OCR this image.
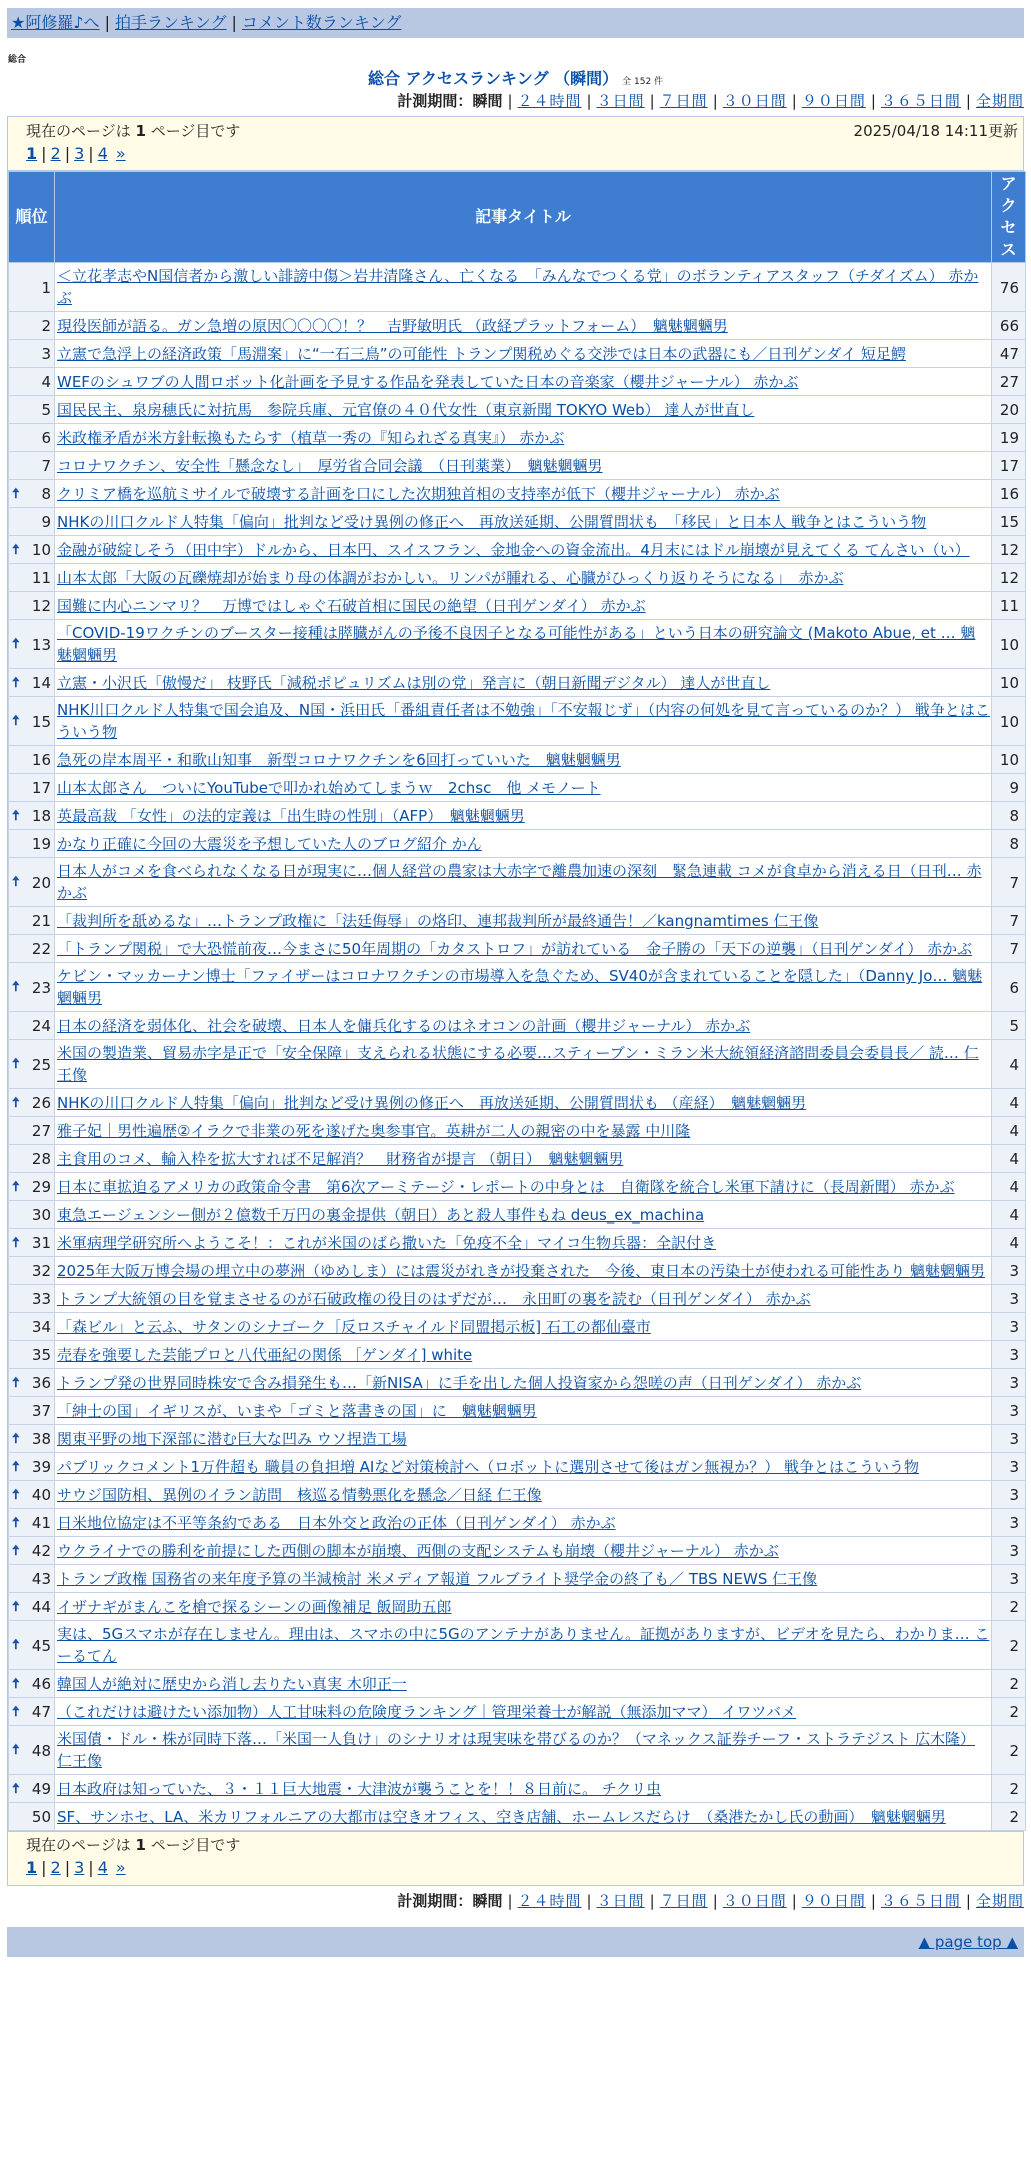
★阿修羅♪へ | 拍手ランキング | コメント数ランキング
総合
総合 アクセスランキング （瞬間） 全 152 件
計測期間：瞬間 | ２４時間 | ３日間 | ７日間 | ３０日間 | ９０日間 | ３６５日間 | 全期間
現在のページは 1 ページ目です	2025/04/18 14:11更新
1 | 2 | 3 | 4 »
順位	記事タイトル	アクセス
1	＜立花孝志やN国信者から激しい誹謗中傷＞岩井清隆さん、亡くなる　「みんなでつくる党」のボランティアスタッフ（チダイズム） 赤かぶ	76
2	現役医師が語る。ガン急増の原因〇〇〇〇！？　吉野敏明氏 （政経プラットフォーム）　魑魅魍魎男	66
3	立憲で急浮上の経済政策「馬淵案」に“一石三鳥”の可能性 トランプ関税めぐる交渉では日本の武器にも／日刊ゲンダイ 短足鰐	47
4	WEFのシュワブの人間ロボット化計画を予見する作品を発表していた日本の音楽家（櫻井ジャーナル） 赤かぶ	27
5	国民民主、泉房穂氏に対抗馬　参院兵庫、元官僚の４０代女性（東京新聞 TOKYO Web） 達人が世直し	20
6	米政権矛盾が米方針転換もたらす（植草一秀の『知られざる真実』） 赤かぶ	19
7	コロナワクチン、安全性「懸念なし」　厚労省合同会議　（日刊薬業）　魑魅魍魎男	17

🠅 8	クリミア橋を巡航ミサイルで破壊する計画を口にした次期独首相の支持率が低下（櫻井ジャーナル） 赤かぶ	16
9	NHKの川口クルド人特集「偏向」批判など受け異例の修正へ　再放送延期、公開質問状も　「移民」と日本人 戦争とはこういう物	15

🠅 10	金融が破綻しそう（田中宇）ドルから、日本円、スイスフラン、金地金への資金流出。4月末にはドル崩壊が見えてくる てんさい（い）	12
11	山本太郎「大阪の瓦礫焼却が始まり母の体調がおかしい。リンパが腫れる、心臓がひっくり返りそうになる」　赤かぶ	12
12	国難に内心ニンマリ？　万博ではしゃぐ石破首相に国民の絶望（日刊ゲンダイ） 赤かぶ	11

🠅 13	「COVID-19ワクチンのブースター接種は膵臓がんの予後不良因子となる可能性がある」という日本の研究論文 (Makoto Abue, et … 魑魅魍魎男	10

🠅 14	立憲・小沢氏「傲慢だ」 枝野氏「減税ポピュリズムは別の党」発言に（朝日新聞デジタル） 達人が世直し	10

🠅 15	NHK川口クルド人特集で国会追及、N国・浜田氏「番組責任者は不勉強」「不安報じず」（内容の何処を見て言っているのか？） 戦争とはこういう物	10
16	急死の岸本周平・和歌山知事　新型コロナワクチンを6回打っていいた　魑魅魍魎男	10
17	山本太郎さん　ついにYouTubeで叩かれ始めてしまうｗ　2chsc　他 メモノート	9

🠅 18	英最高裁 「女性」の法的定義は「出生時の性別」（AFP）　魑魅魍魎男	8
19	かなり正確に今回の大震災を予想していた人のブログ紹介 かん	8

🠅 20	日本人がコメを食べられなくなる日が現実に…個人経営の農家は大赤字で離農加速の深刻　緊急連載 コメが食卓から消える日（日刊… 赤かぶ	7
21	「裁判所を舐めるな」…トランプ政権に「法廷侮辱」の烙印、連邦裁判所が最終通告！／kangnamtimes 仁王像	7
22	「トランプ関税」で大恐慌前夜…今まさに50年周期の「カタストロフ」が訪れている　金子勝の「天下の逆襲」（日刊ゲンダイ） 赤かぶ	7

🠅 23	ケビン・マッカーナン博士「ファイザーはコロナワクチンの市場導入を急ぐため、SV40が含まれていることを隠した」（Danny Jo… 魑魅魍魎男	6
24	日本の経済を弱体化、社会を破壊、日本人を傭兵化するのはネオコンの計画（櫻井ジャーナル） 赤かぶ	5

🠅 25	米国の製造業、貿易赤字是正で「安全保障」支えられる状態にする必要…スティーブン・ミラン米大統領経済諮問委員会委員長／ 読… 仁王像	4

🠅 26	NHKの川口クルド人特集「偏向」批判など受け異例の修正へ　再放送延期、公開質問状も （産経）　魑魅魍魎男	4
27	雅子妃｜男性遍歴②イラクで非業の死を遂げた奥参事官。英耕が二人の親密の中を暴露 中川隆	4
28	主食用のコメ、輸入枠を拡大すれば不足解消？　財務省が提言 （朝日）　魑魅魍魎男	4

🠅 29	日本に車拡迫るアメリカの政策命令書　第6次アーミテージ・レポートの中身とは　自衛隊を統合し米軍下請けに（長周新聞） 赤かぶ	4
30	東急エージェンシー側が２億数千万円の裏金提供（朝日）あと殺人事件もね deus_ex_machina	4

🠅 31	米軍病理学研究所へようこそ！：これが米国のばら撒いた「免疫不全」マイコ生物兵器：全訳付き	4
32	2025年大阪万博会場の埋立中の夢洲（ゆめしま）には震災がれきが投棄された　今後、東日本の汚染土が使われる可能性あり 魑魅魍魎男	3
33	トランプ大統領の目を覚まさせるのが石破政権の役目のはずだが…　永田町の裏を読む（日刊ゲンダイ） 赤かぶ	3
34	「森ビル」と云ふ、サタンのシナゴーク［反ロスチャイルド同盟掲示板] 石工の都仙臺市	3
35	売春を強要した芸能プロと八代亜紀の関係 ［ゲンダイ] white	3

🠅 36	トランプ発の世界同時株安で含み損発生も…「新NISA」に手を出した個人投資家から怨嗟の声（日刊ゲンダイ） 赤かぶ	3
37	「紳士の国」イギリスが、いまや「ゴミと落書きの国」に　魑魅魍魎男	3

🠅 38	関東平野の地下深部に潜む巨大な凹み ウソ捏造工場	3

🠅 39	パブリックコメント1万件超も 職員の負担増 AIなど対策検討へ（ロボットに選別させて後はガン無視か？） 戦争とはこういう物	3

🠅 40	サウジ国防相、異例のイラン訪問　核巡る情勢悪化を懸念／日経 仁王像	3

🠅 41	日米地位協定は不平等条約である　日本外交と政治の正体（日刊ゲンダイ） 赤かぶ	3

🠅 42	ウクライナでの勝利を前提にした西側の脚本が崩壊、西側の支配システムも崩壊（櫻井ジャーナル） 赤かぶ	3
43	トランプ政権 国務省の来年度予算の半減検討 米メディア報道 フルブライト奨学金の終了も／ TBS NEWS 仁王像	3

🠅 44	イザナギがまんこを槍で探るシーンの画像補足 飯岡助五郎	2

🠅 45	実は、5Gスマホが存在しません。理由は、スマホの中に5Gのアンテナがありません。証拠がありますが、ビデオを見たら、わかりま… こーるてん	2

🠅 46	韓国人が絶対に歴史から消し去りたい真実 木卯正一	2

🠅 47	（これだけは避けたい添加物）人工甘味料の危険度ランキング｜管理栄養士が解説（無添加ママ） イワツバメ	2

🠅 48	米国債・ドル・株が同時下落…「米国一人負け」のシナリオは現実味を帯びるのか？（マネックス証券チーフ・ストラテジスト 広木隆） 仁王像	2

🠅 49	日本政府は知っていた、３・１１巨大地震・大津波が襲うことを！！８日前に。 チクリ虫	2
50	SF、サンホセ、LA、米カリフォルニアの大都市は空きオフィス、空き店舗、ホームレスだらけ　（桑港たかし氏の動画）　魑魅魍魎男	2
現在のページは 1 ページ目です
1 | 2 | 3 | 4 »
計測期間：瞬間 | ２４時間 | ３日間 | ７日間 | ３０日間 | ９０日間 | ３６５日間 | 全期間
▲ page top ▲
